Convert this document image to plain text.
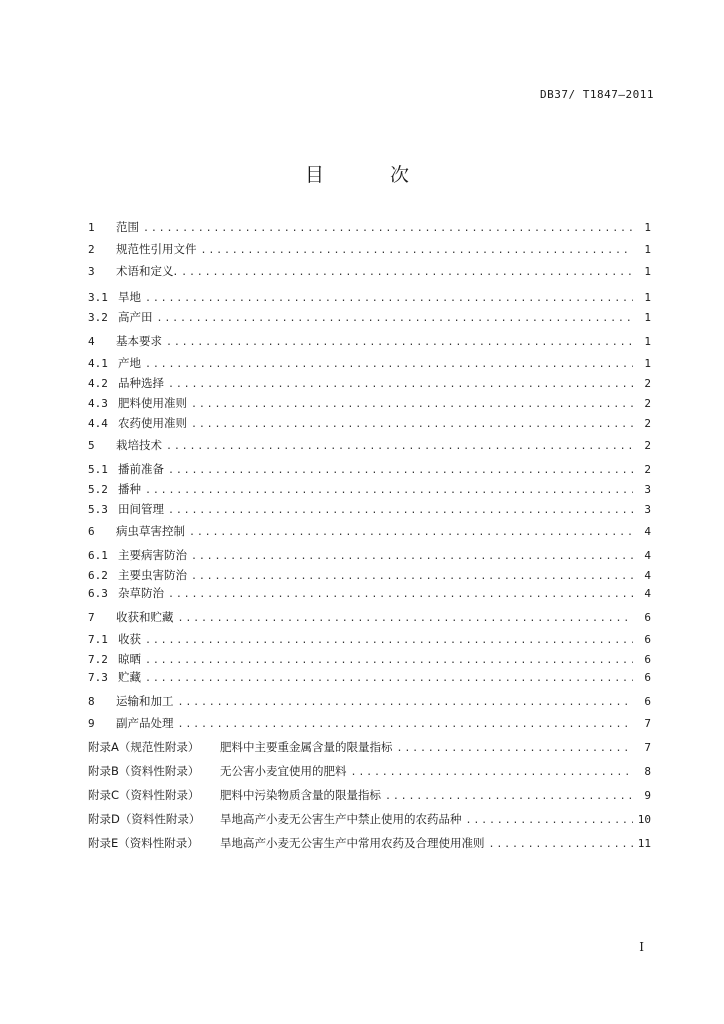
DB37/ T1847—2011
目 次
1	范围 .....	1
2	规范性引用文件 .....	1
3	术语和定义. .....	1
3.1 旱地 .....	1
3.2 高产田 .....	1
4	基本要求 .....	1
4.1 产地 .....	1
4.2 品种选择 .....	2
4.3 肥料使用准则 .....	2
4.4 农药使用准则 .....	2
5	栽培技术 .....	2
5.1 播前准备 .....	2
5.2 播种 .....	3
5.3 田间管理 .....	3
6	病虫草害控制 .....	4
6.1 主要病害防治 .....	4
6.2 主要虫害防治 .....	4
6.3 杂草防治 .....	4
7	收获和贮藏 .....	6
7.1 收获 .....	6
7.2 晾晒 .....	6
7.3 贮藏 .....	6
8	运输和加工 .....	6
9	副产品处理 .....	7
附录A（规范性附录）	肥料中主要重金属含量的限量指标 .....	7
附录B（资料性附录）	无公害小麦宜使用的肥料 .....	8
附录C（资料性附录）	肥料中污染物质含量的限量指标 .....	9
附录D（资料性附录）	旱地高产小麦无公害生产中禁止使用的农药品种 .....	10
附录E（资料性附录）	旱地高产小麦无公害生产中常用农药及合理使用准则 .....	11
I
